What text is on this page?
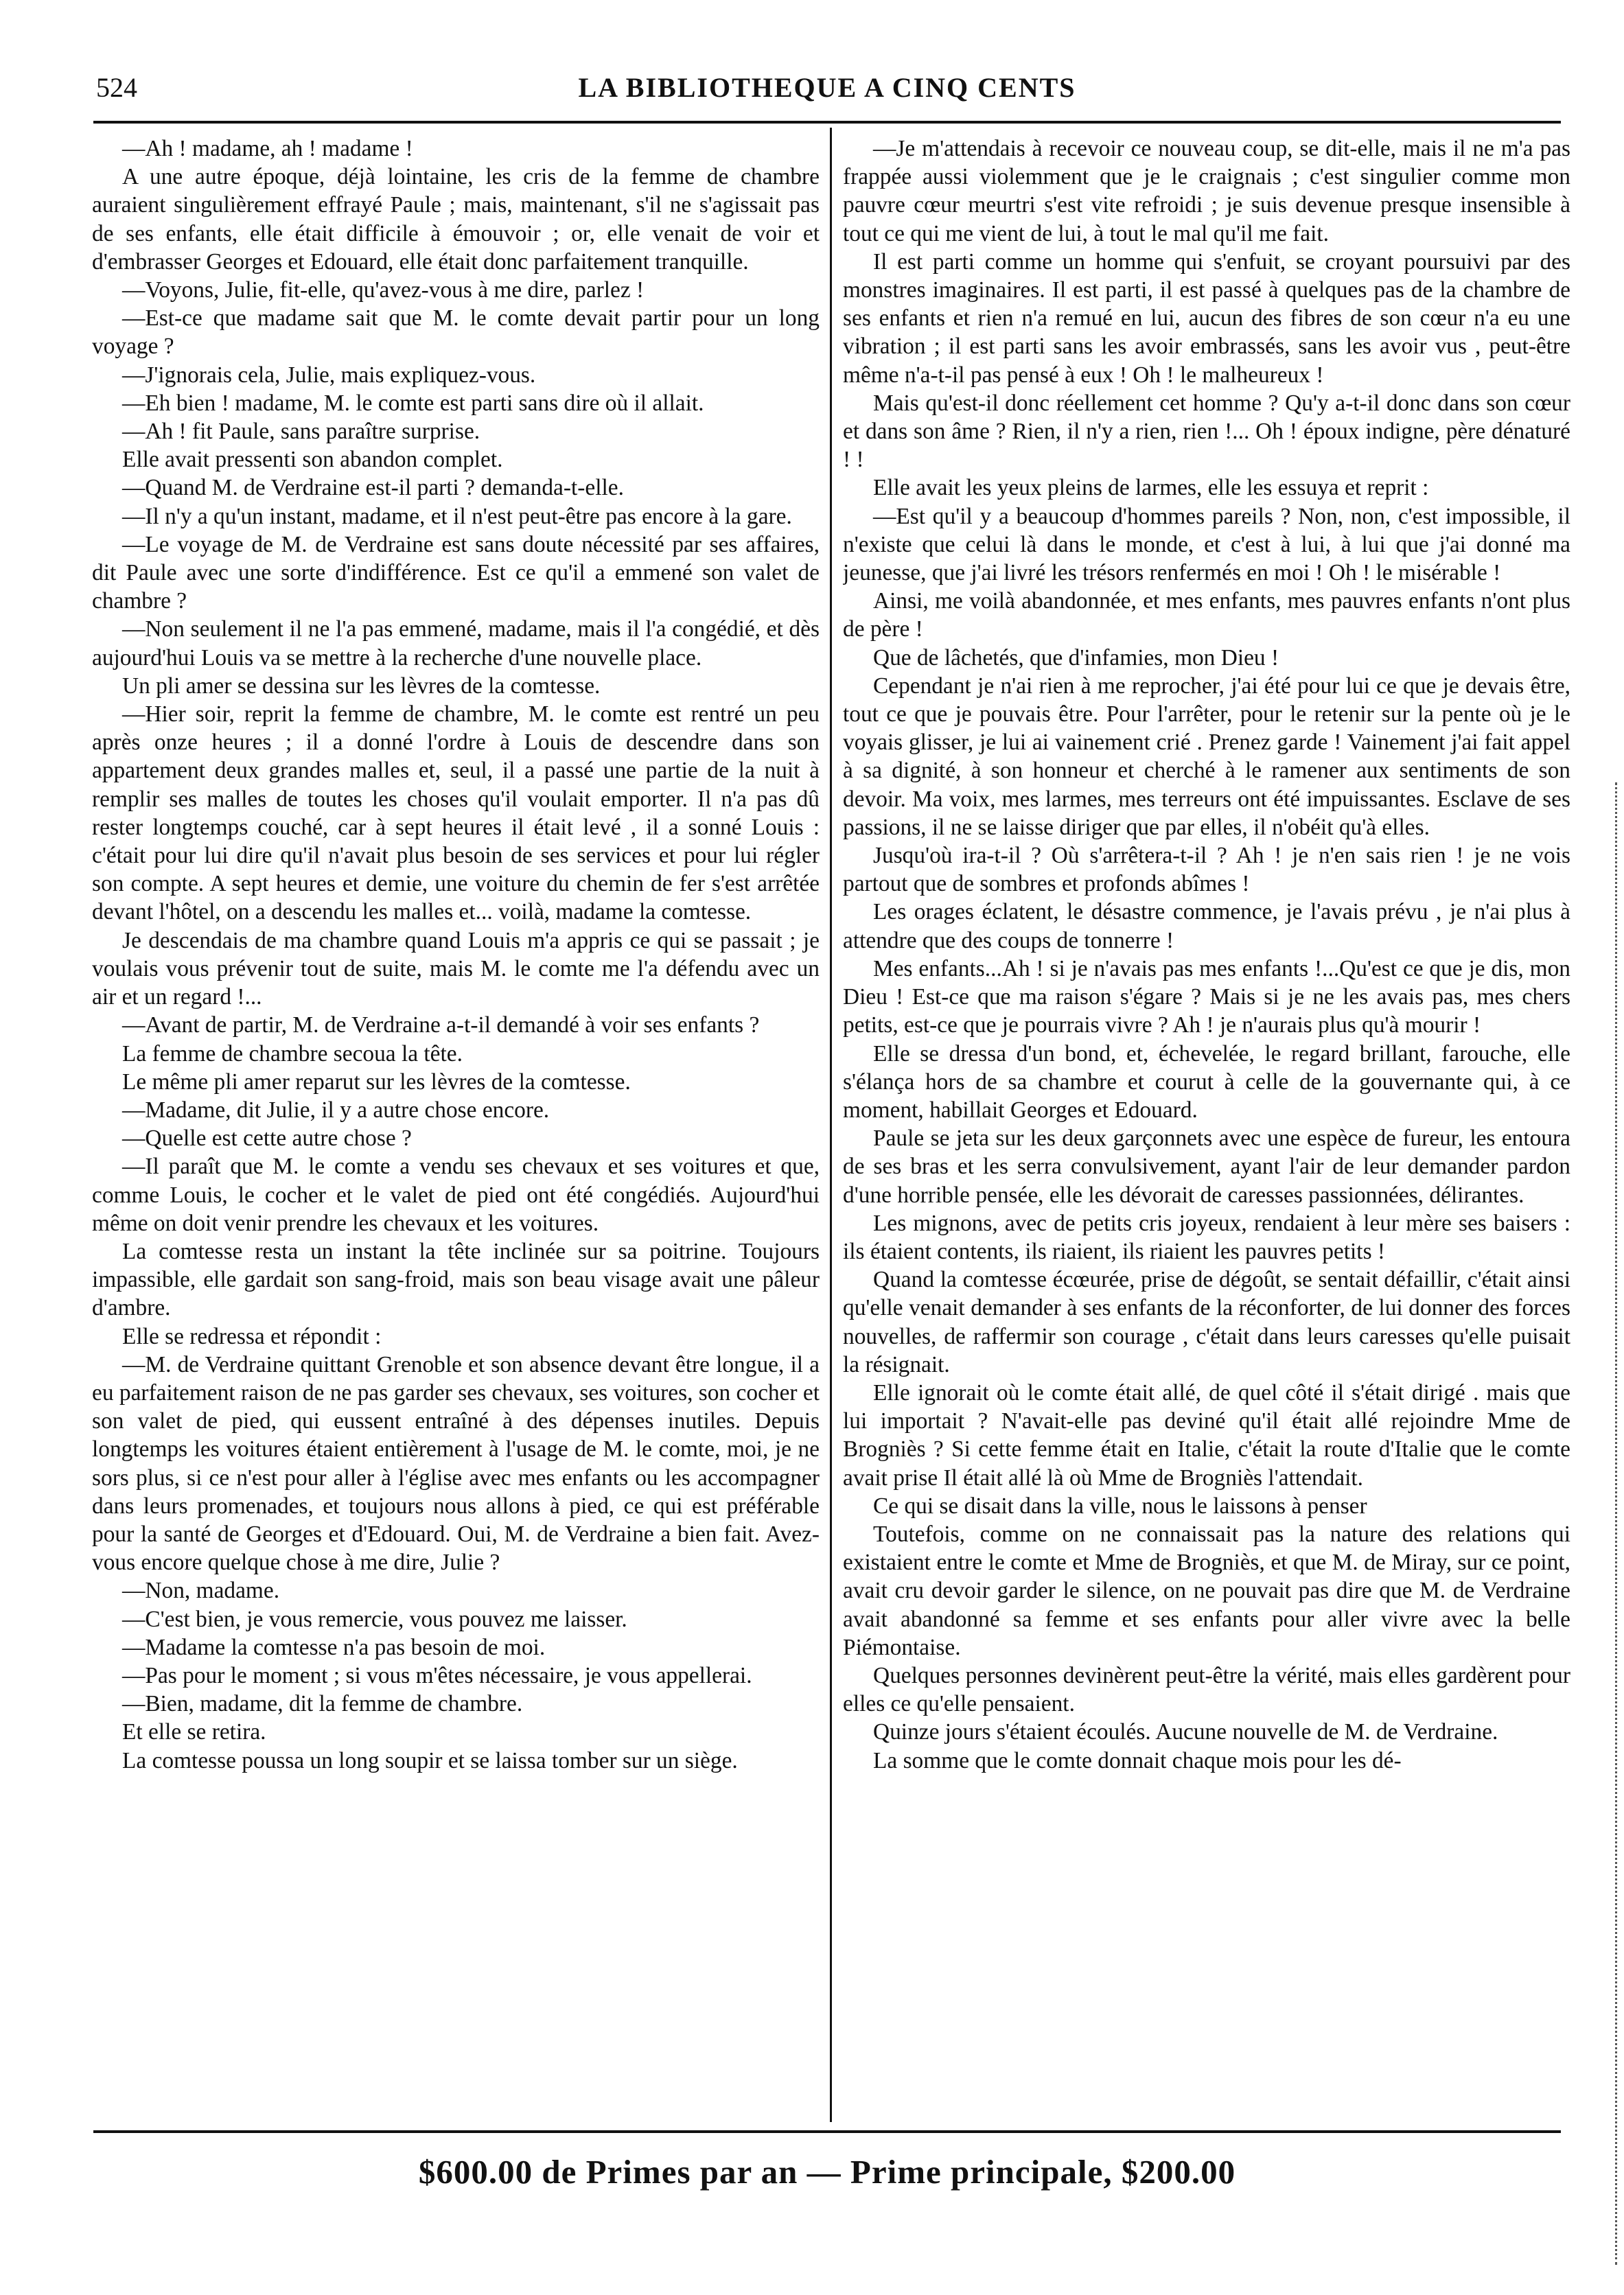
524	LA BIBLIOTHEQUE A CINQ CENTS

—Ah ! madame, ah ! madame !

A une autre époque, déjà lointaine, les cris de la femme de chambre auraient singulièrement effrayé Paule ; mais, maintenant, s'il ne s'agissait pas de ses enfants, elle était difficile à émouvoir ; or, elle venait de voir et d'embrasser Georges et Edouard, elle était donc parfaitement tranquille.

—Voyons, Julie, fit-elle, qu'avez-vous à me dire, parlez !

—Est-ce que madame sait que M. le comte devait partir pour un long voyage ?

—J'ignorais cela, Julie, mais expliquez-vous.

—Eh bien ! madame, M. le comte est parti sans dire où il allait.

—Ah ! fit Paule, sans paraître surprise.

Elle avait pressenti son abandon complet.

—Quand M. de Verdraine est-il parti ? demanda-t-elle.

—Il n'y a qu'un instant, madame, et il n'est peut-être pas encore à la gare.

—Le voyage de M. de Verdraine est sans doute nécessité par ses affaires, dit Paule avec une sorte d'indifférence. Est ce qu'il a emmené son valet de chambre ?

—Non seulement il ne l'a pas emmené, madame, mais il l'a congédié, et dès aujourd'hui Louis va se mettre à la recherche d'une nouvelle place.

Un pli amer se dessina sur les lèvres de la comtesse.

—Hier soir, reprit la femme de chambre, M. le comte est rentré un peu après onze heures ; il a donné l'ordre à Louis de descendre dans son appartement deux grandes malles et, seul, il a passé une partie de la nuit à remplir ses malles de toutes les choses qu'il voulait emporter. Il n'a pas dû rester longtemps couché, car à sept heures il était levé , il a sonné Louis : c'était pour lui dire qu'il n'avait plus besoin de ses services et pour lui régler son compte. A sept heures et demie, une voiture du chemin de fer s'est arrêtée devant l'hôtel, on a descendu les malles et... voilà, madame la comtesse.

Je descendais de ma chambre quand Louis m'a appris ce qui se passait ; je voulais vous prévenir tout de suite, mais M. le comte me l'a défendu avec un air et un regard !...

—Avant de partir, M. de Verdraine a-t-il demandé à voir ses enfants ?

La femme de chambre secoua la tête.

Le même pli amer reparut sur les lèvres de la comtesse.

—Madame, dit Julie, il y a autre chose encore.

—Quelle est cette autre chose ?

—Il paraît que M. le comte a vendu ses chevaux et ses voitures et que, comme Louis, le cocher et le valet de pied ont été congédiés. Aujourd'hui même on doit venir prendre les chevaux et les voitures.

La comtesse resta un instant la tête inclinée sur sa poitrine. Toujours impassible, elle gardait son sang-froid, mais son beau visage avait une pâleur d'ambre.

Elle se redressa et répondit :

—M. de Verdraine quittant Grenoble et son absence devant être longue, il a eu parfaitement raison de ne pas garder ses chevaux, ses voitures, son cocher et son valet de pied, qui eussent entraîné à des dépenses inutiles. Depuis longtemps les voitures étaient entièrement à l'usage de M. le comte, moi, je ne sors plus, si ce n'est pour aller à l'église avec mes enfants ou les accompagner dans leurs promenades, et toujours nous allons à pied, ce qui est préférable pour la santé de Georges et d'Edouard. Oui, M. de Verdraine a bien fait. Avez-vous encore quelque chose à me dire, Julie ?

—Non, madame.

—C'est bien, je vous remercie, vous pouvez me laisser.

—Madame la comtesse n'a pas besoin de moi.

—Pas pour le moment ; si vous m'êtes nécessaire, je vous appellerai.

—Bien, madame, dit la femme de chambre.

Et elle se retira.

La comtesse poussa un long soupir et se laissa tomber sur un siège.

—Je m'attendais à recevoir ce nouveau coup, se dit-elle, mais il ne m'a pas frappée aussi violemment que je le craignais ; c'est singulier comme mon pauvre cœur meurtri s'est vite refroidi ; je suis devenue presque insensible à tout ce qui me vient de lui, à tout le mal qu'il me fait.

Il est parti comme un homme qui s'enfuit, se croyant poursuivi par des monstres imaginaires. Il est parti, il est passé à quelques pas de la chambre de ses enfants et rien n'a remué en lui, aucun des fibres de son cœur n'a eu une vibration ; il est parti sans les avoir embrassés, sans les avoir vus , peut-être même n'a-t-il pas pensé à eux ! Oh ! le malheureux !

Mais qu'est-il donc réellement cet homme ? Qu'y a-t-il donc dans son cœur et dans son âme ? Rien, il n'y a rien, rien !... Oh ! époux indigne, père dénaturé ! !

Elle avait les yeux pleins de larmes, elle les essuya et reprit :

—Est qu'il y a beaucoup d'hommes pareils ? Non, non, c'est impossible, il n'existe que celui là dans le monde, et c'est à lui, à lui que j'ai donné ma jeunesse, que j'ai livré les trésors renfermés en moi ! Oh ! le misérable !

Ainsi, me voilà abandonnée, et mes enfants, mes pauvres enfants n'ont plus de père !

Que de lâchetés, que d'infamies, mon Dieu !

Cependant je n'ai rien à me reprocher, j'ai été pour lui ce que je devais être, tout ce que je pouvais être. Pour l'arrêter, pour le retenir sur la pente où je le voyais glisser, je lui ai vainement crié . Prenez garde ! Vainement j'ai fait appel à sa dignité, à son honneur et cherché à le ramener aux sentiments de son devoir. Ma voix, mes larmes, mes terreurs ont été impuissantes. Esclave de ses passions, il ne se laisse diriger que par elles, il n'obéit qu'à elles.

Jusqu'où ira-t-il ? Où s'arrêtera-t-il ? Ah ! je n'en sais rien ! je ne vois partout que de sombres et profonds abîmes !

Les orages éclatent, le désastre commence, je l'avais prévu , je n'ai plus à attendre que des coups de tonnerre !

Mes enfants...Ah ! si je n'avais pas mes enfants !...Qu'est ce que je dis, mon Dieu ! Est-ce que ma raison s'égare ? Mais si je ne les avais pas, mes chers petits, est-ce que je pourrais vivre ? Ah ! je n'aurais plus qu'à mourir !

Elle se dressa d'un bond, et, échevelée, le regard brillant, farouche, elle s'élança hors de sa chambre et courut à celle de la gouvernante qui, à ce moment, habillait Georges et Edouard.

Paule se jeta sur les deux garçonnets avec une espèce de fureur, les entoura de ses bras et les serra convulsivement, ayant l'air de leur demander pardon d'une horrible pensée, elle les dévorait de caresses passionnées, délirantes.

Les mignons, avec de petits cris joyeux, rendaient à leur mère ses baisers : ils étaient contents, ils riaient, ils riaient les pauvres petits !

Quand la comtesse écœurée, prise de dégoût, se sentait défaillir, c'était ainsi qu'elle venait demander à ses enfants de la réconforter, de lui donner des forces nouvelles, de raffermir son courage , c'était dans leurs caresses qu'elle puisait la résignait.

Elle ignorait où le comte était allé, de quel côté il s'était dirigé . mais que lui importait ? N'avait-elle pas deviné qu'il était allé rejoindre Mme de Brogniès ? Si cette femme était en Italie, c'était la route d'Italie que le comte avait prise Il était allé là où Mme de Brogniès l'attendait.

Ce qui se disait dans la ville, nous le laissons à penser

Toutefois, comme on ne connaissait pas la nature des relations qui existaient entre le comte et Mme de Brogniès, et que M. de Miray, sur ce point, avait cru devoir garder le silence, on ne pouvait pas dire que M. de Verdraine avait abandonné sa femme et ses enfants pour aller vivre avec la belle Piémontaise.

Quelques personnes devinèrent peut-être la vérité, mais elles gardèrent pour elles ce qu'elle pensaient.

Quinze jours s'étaient écoulés. Aucune nouvelle de M. de Verdraine.

La somme que le comte donnait chaque mois pour les dé-

$600.00 de Primes par an — Prime principale, $200.00
